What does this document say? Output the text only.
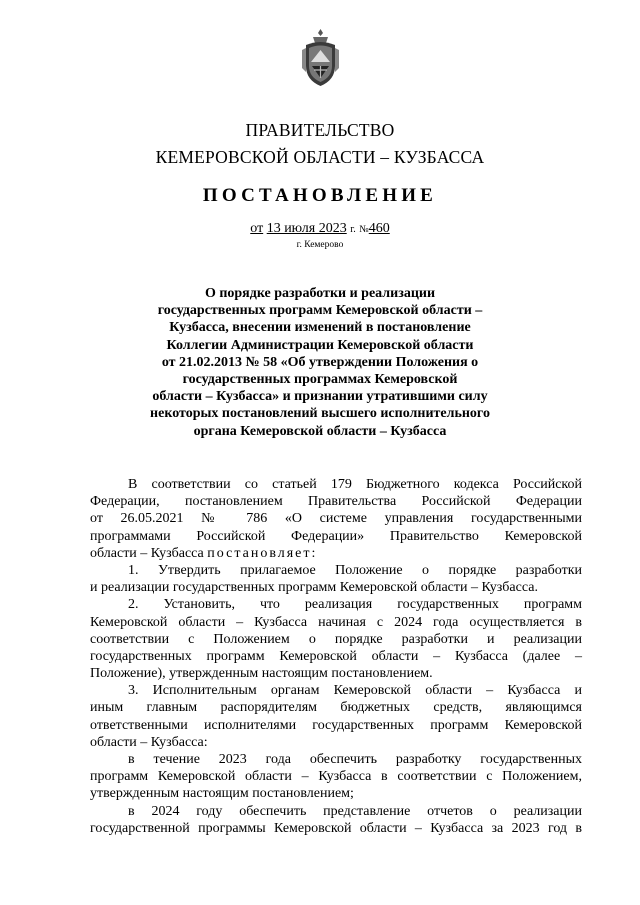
ПРАВИТЕЛЬСТВО
КЕМЕРОВСКОЙ ОБЛАСТИ – КУЗБАССА
ПОСТАНОВЛЕНИЕ
от 13 июля 2023 г. №460
г. Кемерово
О порядке разработки и реализации
государственных программ Кемеровской области –
Кузбасса, внесении изменений в постановление
Коллегии Администрации Кемеровской области
от 21.02.2013 № 58 «Об утверждении Положения о
государственных программах Кемеровской
области – Кузбасса» и признании утратившими силу
некоторых постановлений высшего исполнительного
органа Кемеровской области – Кузбасса
В соответствии со статьей 179 Бюджетного кодекса Российской
Федерации, постановлением Правительства Российской Федерации
от 26.05.2021 № 786 «О системе управления государственными
программами Российской Федерации» Правительство Кемеровской
области – Кузбасса постановляет:
1. Утвердить прилагаемое Положение о порядке разработки
и реализации государственных программ Кемеровской области – Кузбасса.
2. Установить, что реализация государственных программ
Кемеровской области – Кузбасса начиная с 2024 года осуществляется в
соответствии с Положением о порядке разработки и реализации
государственных программ Кемеровской области – Кузбасса (далее –
Положение), утвержденным настоящим постановлением.
3. Исполнительным органам Кемеровской области – Кузбасса и
иным главным распорядителям бюджетных средств, являющимся
ответственными исполнителями государственных программ Кемеровской
области – Кузбасса:
в течение 2023 года обеспечить разработку государственных
программ Кемеровской области – Кузбасса в соответствии с Положением,
утвержденным настоящим постановлением;
в 2024 году обеспечить представление отчетов о реализации
государственной программы Кемеровской области – Кузбасса за 2023 год в
